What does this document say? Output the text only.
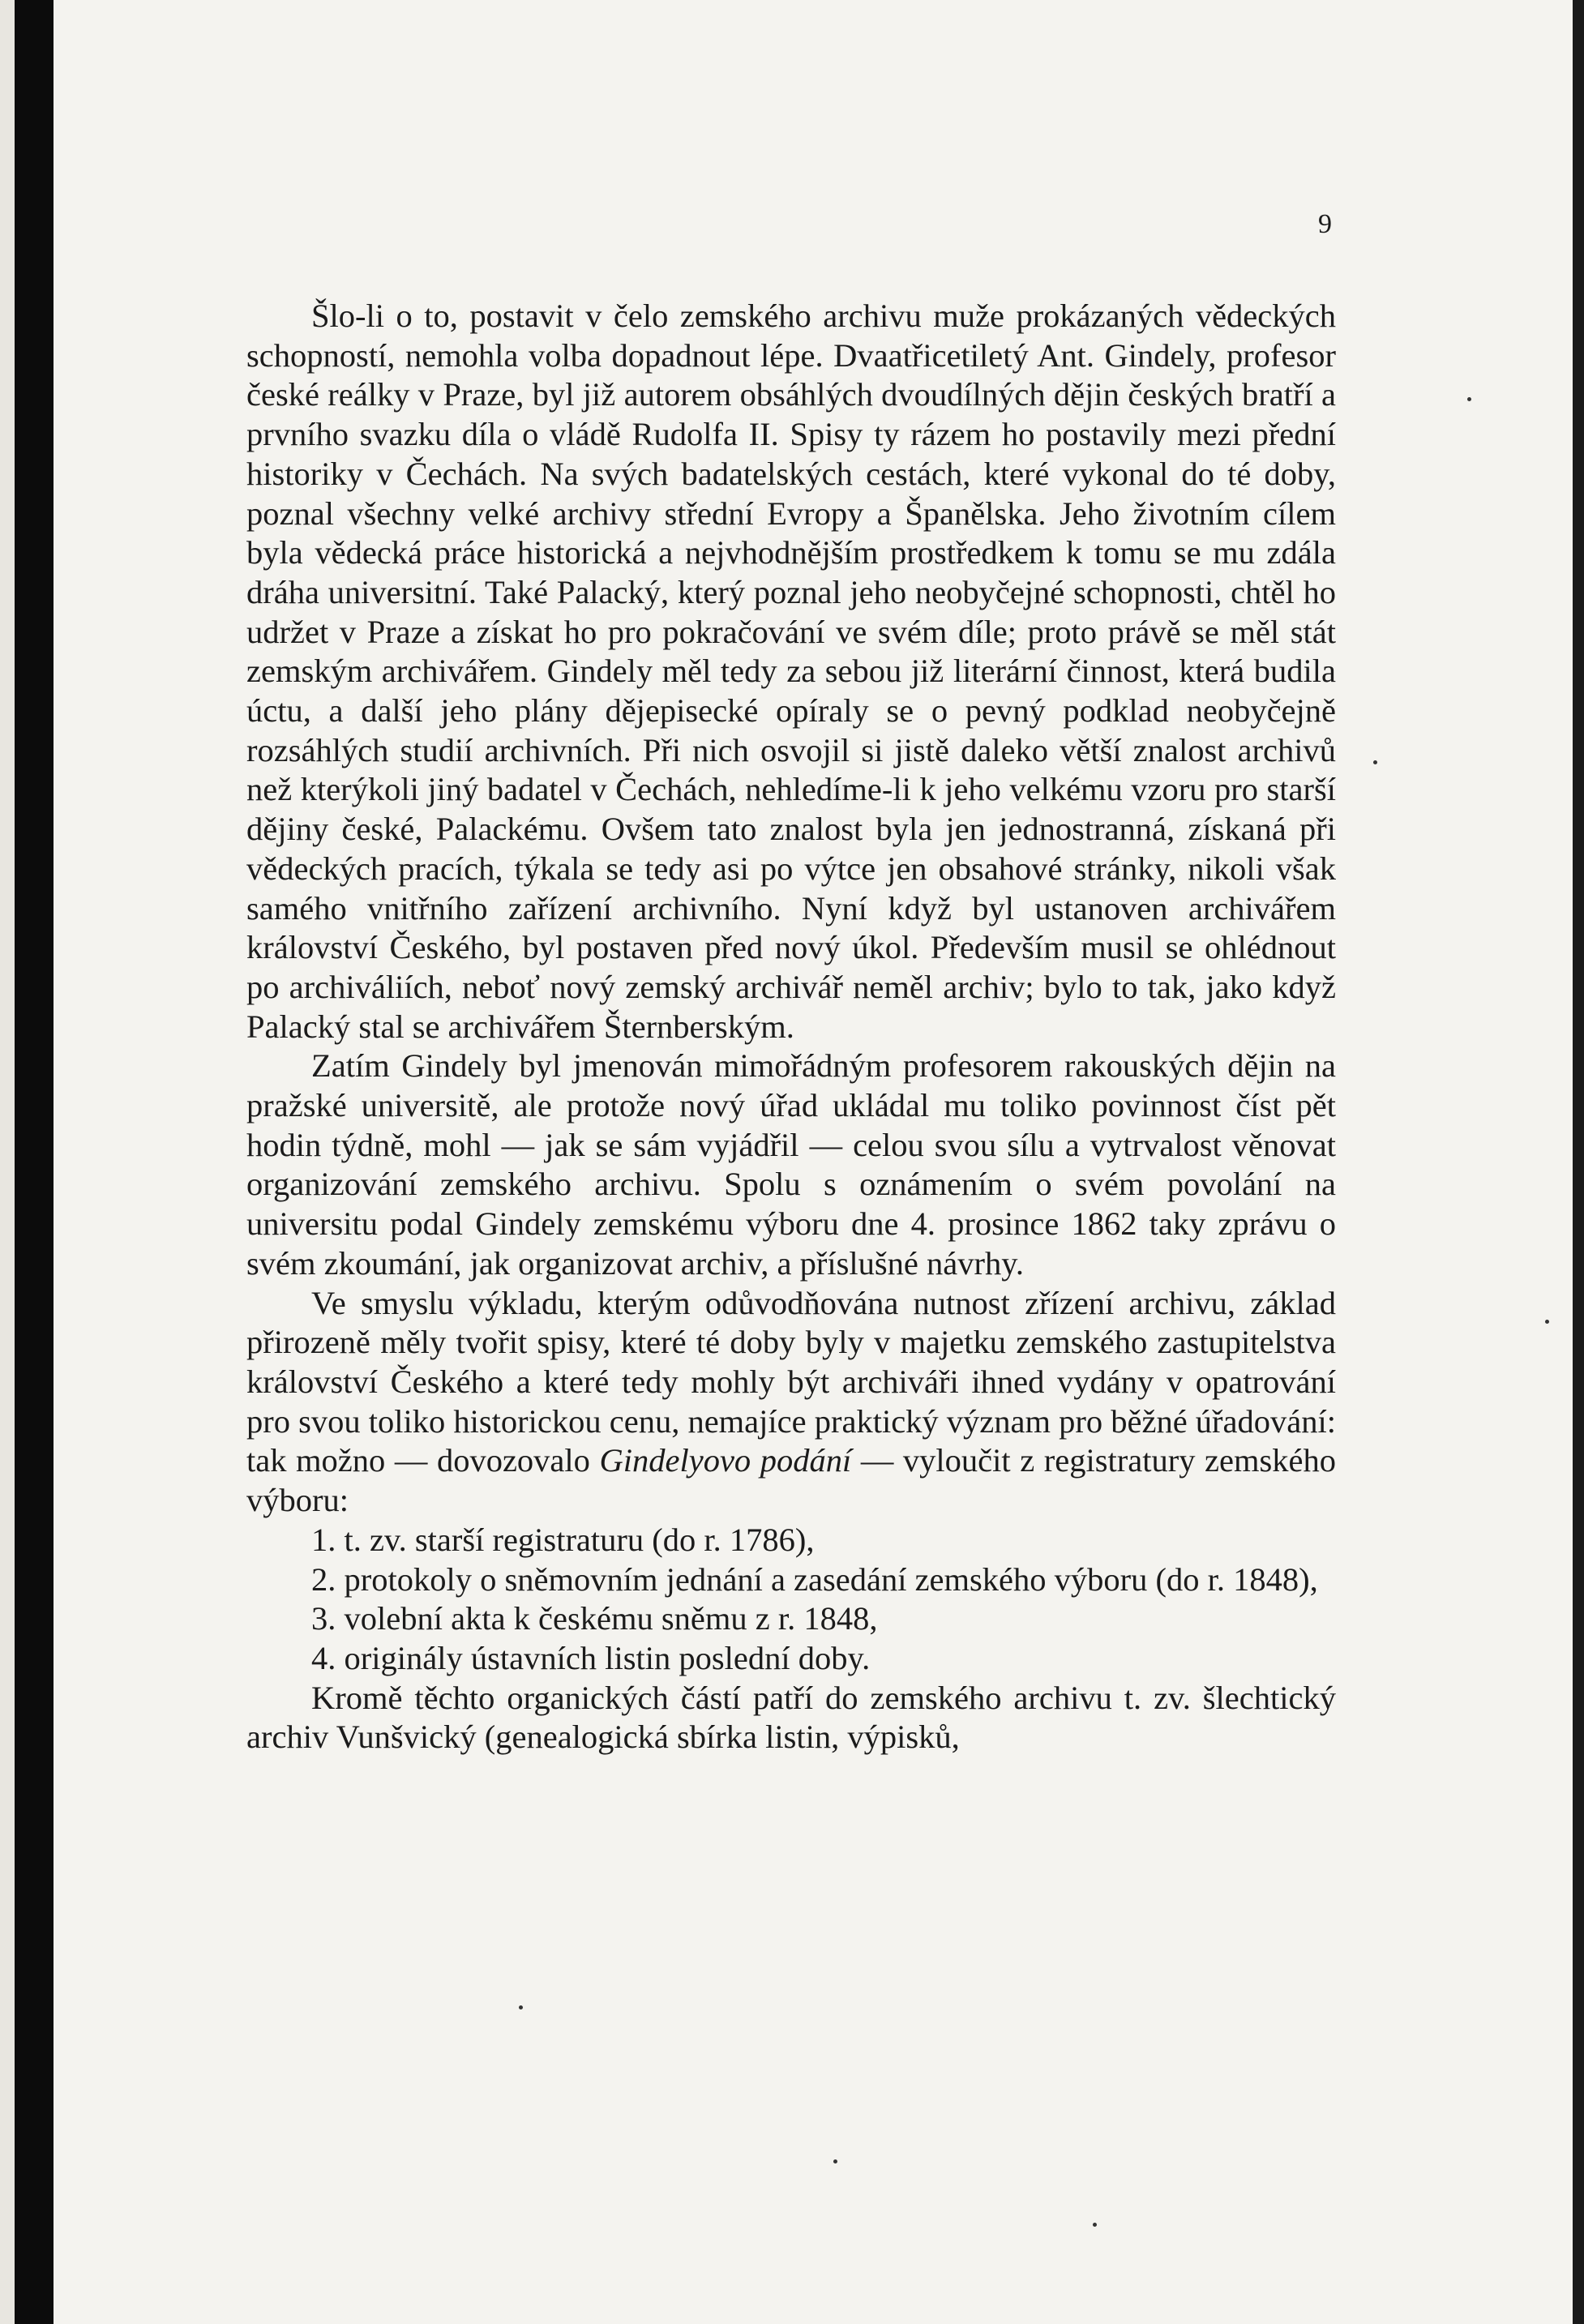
9

Šlo-li o to, postavit v čelo zemského archivu muže prokázaných vědeckých schopností, nemohla volba dopadnout lépe. Dvaatřicetiletý Ant. Gindely, profesor české reálky v Praze, byl již autorem obsáhlých dvoudílných dějin českých bratří a prvního svazku díla o vládě Rudolfa II. Spisy ty rázem ho postavily mezi přední historiky v Čechách. Na svých badatelských cestách, které vykonal do té doby, poznal všechny velké archivy střední Evropy a Španělska. Jeho životním cílem byla vědecká práce historická a nejvhodnějším prostředkem k tomu se mu zdála dráha universitní. Také Palacký, který poznal jeho neobyčejné schopnosti, chtěl ho udržet v Praze a získat ho pro pokračování ve svém díle; proto právě se měl stát zemským archivářem. Gindely měl tedy za sebou již literární činnost, která budila úctu, a další jeho plány dějepisecké opíraly se o pevný podklad neobyčejně rozsáhlých studií archivních. Při nich osvojil si jistě daleko větší znalost archivů než kterýkoli jiný badatel v Čechách, nehledíme-li k jeho velkému vzoru pro starší dějiny české, Palackému. Ovšem tato znalost byla jen jednostranná, získaná při vědeckých pracích, týkala se tedy asi po výtce jen obsahové stránky, nikoli však samého vnitřního zařízení archivního. Nyní když byl ustanoven archivářem království Českého, byl postaven před nový úkol. Především musil se ohlédnout po archiváliích, neboť nový zemský archivář neměl archiv; bylo to tak, jako když Palacký stal se archivářem Šternberským.

Zatím Gindely byl jmenován mimořádným profesorem rakouských dějin na pražské universitě, ale protože nový úřad ukládal mu toliko povinnost číst pět hodin týdně, mohl — jak se sám vyjádřil — celou svou sílu a vytrvalost věnovat organizování zemského archivu. Spolu s oznámením o svém povolání na universitu podal Gindely zemskému výboru dne 4. prosince 1862 taky zprávu o svém zkoumání, jak organizovat archiv, a příslušné návrhy.

Ve smyslu výkladu, kterým odůvodňována nutnost zřízení archivu, základ přirozeně měly tvořit spisy, které té doby byly v majetku zemského zastupitelstva království Českého a které tedy mohly být archiváři ihned vydány v opatrování pro svou toliko historickou cenu, nemajíce praktický význam pro běžné úřadování: tak možno — dovozovalo Gindelyovo podání — vyloučit z registratury zemského výboru:

1. t. zv. starší registraturu (do r. 1786),

2. protokoly o sněmovním jednání a zasedání zemského výboru (do r. 1848),

3. volební akta k českému sněmu z r. 1848,

4. originály ústavních listin poslední doby.

Kromě těchto organických částí patří do zemského archivu t. zv. šlechtický archiv Vunšvický (genealogická sbírka listin, výpisků,
